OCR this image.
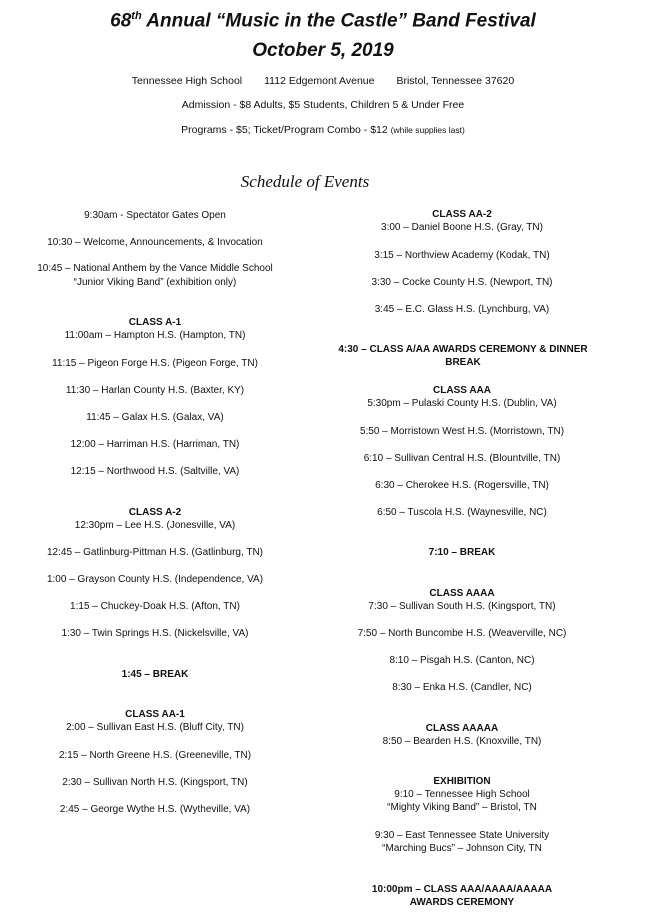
68th Annual “Music in the Castle” Band Festival
October 5, 2019
Tennessee High School 1112 Edgemont Avenue Bristol, Tennessee 37620
Admission - $8 Adults, $5 Students, Children 5 & Under Free
Programs - $5; Ticket/Program Combo - $12 (while supplies last)
Schedule of Events
9:30am - Spectator Gates Open
10:30 – Welcome, Announcements, & Invocation
10:45 – National Anthem by the Vance Middle School
“Junior Viking Band” (exhibition only)
CLASS A-1
11:00am – Hampton H.S. (Hampton, TN)
11:15 – Pigeon Forge H.S. (Pigeon Forge, TN)
11:30 – Harlan County H.S. (Baxter, KY)
11:45 – Galax H.S. (Galax, VA)
12:00 – Harriman H.S. (Harriman, TN)
12:15 – Northwood H.S. (Saltville, VA)
CLASS A-2
12:30pm – Lee H.S. (Jonesville, VA)
12:45 – Gatlinburg-Pittman H.S. (Gatlinburg, TN)
1:00 – Grayson County H.S. (Independence, VA)
1:15 – Chuckey-Doak H.S. (Afton, TN)
1:30 – Twin Springs H.S. (Nickelsville, VA)
1:45 – BREAK
CLASS AA-1
2:00 – Sullivan East H.S. (Bluff City, TN)
2:15 – North Greene H.S. (Greeneville, TN)
2:30 – Sullivan North H.S. (Kingsport, TN)
2:45 – George Wythe H.S. (Wytheville, VA)
CLASS AA-2
3:00 – Daniel Boone H.S. (Gray, TN)
3:15 – Northview Academy (Kodak, TN)
3:30 – Cocke County H.S. (Newport, TN)
3:45 – E.C. Glass H.S. (Lynchburg, VA)
4:30 – CLASS A/AA AWARDS CEREMONY & DINNER
BREAK
CLASS AAA
5:30pm – Pulaski County H.S. (Dublin, VA)
5:50 – Morristown West H.S. (Morristown, TN)
6:10 – Sullivan Central H.S. (Blountville, TN)
6:30 – Cherokee H.S. (Rogersville, TN)
6:50 – Tuscola H.S. (Waynesville, NC)
7:10 – BREAK
CLASS AAAA
7:30 – Sullivan South H.S. (Kingsport, TN)
7:50 – North Buncombe H.S. (Weaverville, NC)
8:10 – Pisgah H.S. (Canton, NC)
8:30 – Enka H.S. (Candler, NC)
CLASS AAAAA
8:50 – Bearden H.S. (Knoxville, TN)
EXHIBITION
9:10 – Tennessee High School
“Mighty Viking Band” – Bristol, TN
9:30 – East Tennessee State University
“Marching Bucs” – Johnson City, TN
10:00pm – CLASS AAA/AAAA/AAAAA
AWARDS CEREMONY
